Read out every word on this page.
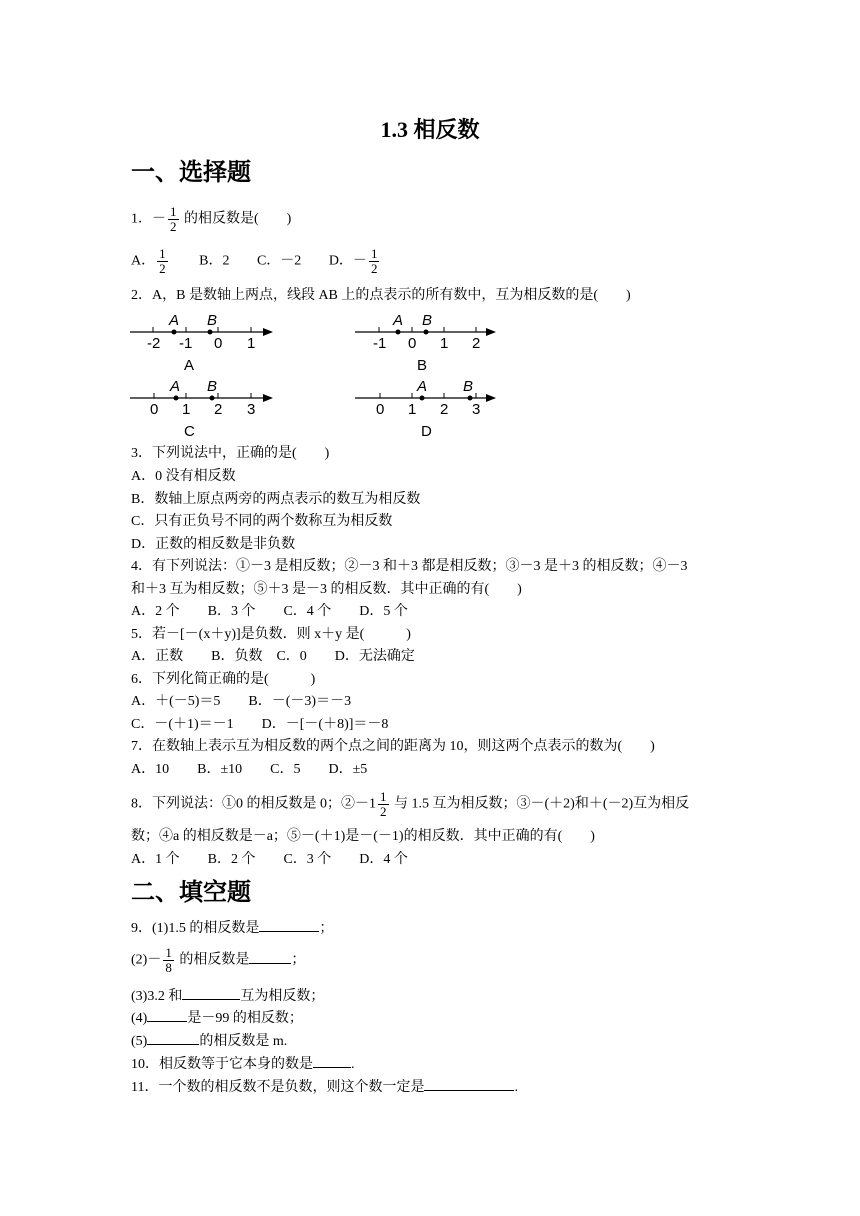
1.3 相反数
一、选择题
1．－ $\frac{1}{2}$ 的相反数是(　　)
A． $\frac{1}{2}$ B．2 C．－2 D．－ $\frac{1}{2}$
2．A，B 是数轴上两点，线段 AB 上的点表示的所有数中，互为相反数的是(　　)
A B
-2 -1 0 1
A
A B
-1 0 1 2
B
A B
0 1 2 3
C
A B
0 1 2 3
D
3．下列说法中，正确的是(　　)
A．0 没有相反数
B．数轴上原点两旁的两点表示的数互为相反数
C．只有正负号不同的两个数称互为相反数
D．正数的相反数是非负数
4．有下列说法：①－3 是相反数；②－3 和＋3 都是相反数；③－3 是＋3 的相反数；④－3
和＋3 互为相反数；⑤＋3 是－3 的相反数．其中正确的有(　　)
A．2 个　　B．3 个　　C．4 个　　D．5 个
5．若－[－(x＋y)]是负数．则 x＋y 是(　　　)
A．正数　　B．负数　C．0　　D．无法确定
6．下列化简正确的是(　　　)
A．＋(－5)＝5　　B．－(－3)＝－3
C．－(＋1)＝－1　　D．－[－(＋8)]＝－8
7．在数轴上表示互为相反数的两个点之间的距离为 10，则这两个点表示的数为(　　)
A．10　　B．±10　　C．5　　D．±5
8．下列说法：①0 的相反数是 0；②－1 $\frac{1}{2}$ 与 1.5 互为相反数；③－(＋2)和＋(－2)互为相反
数；④a 的相反数是－a；⑤－(＋1)是－(－1)的相反数．其中正确的有(　　)
A．1 个　　B．2 个　　C．3 个　　D．4 个
二、填空题
9．(1)1.5 的相反数是	；
$(2)- \frac{1}{8}$ 的相反数是	；
(3)3.2 和	互为相反数；
(4)	是－99 的相反数；
(5)	的相反数是 m.
10．相反数等于它本身的数是	.
11．一个数的相反数不是负数，则这个数一定是	.
